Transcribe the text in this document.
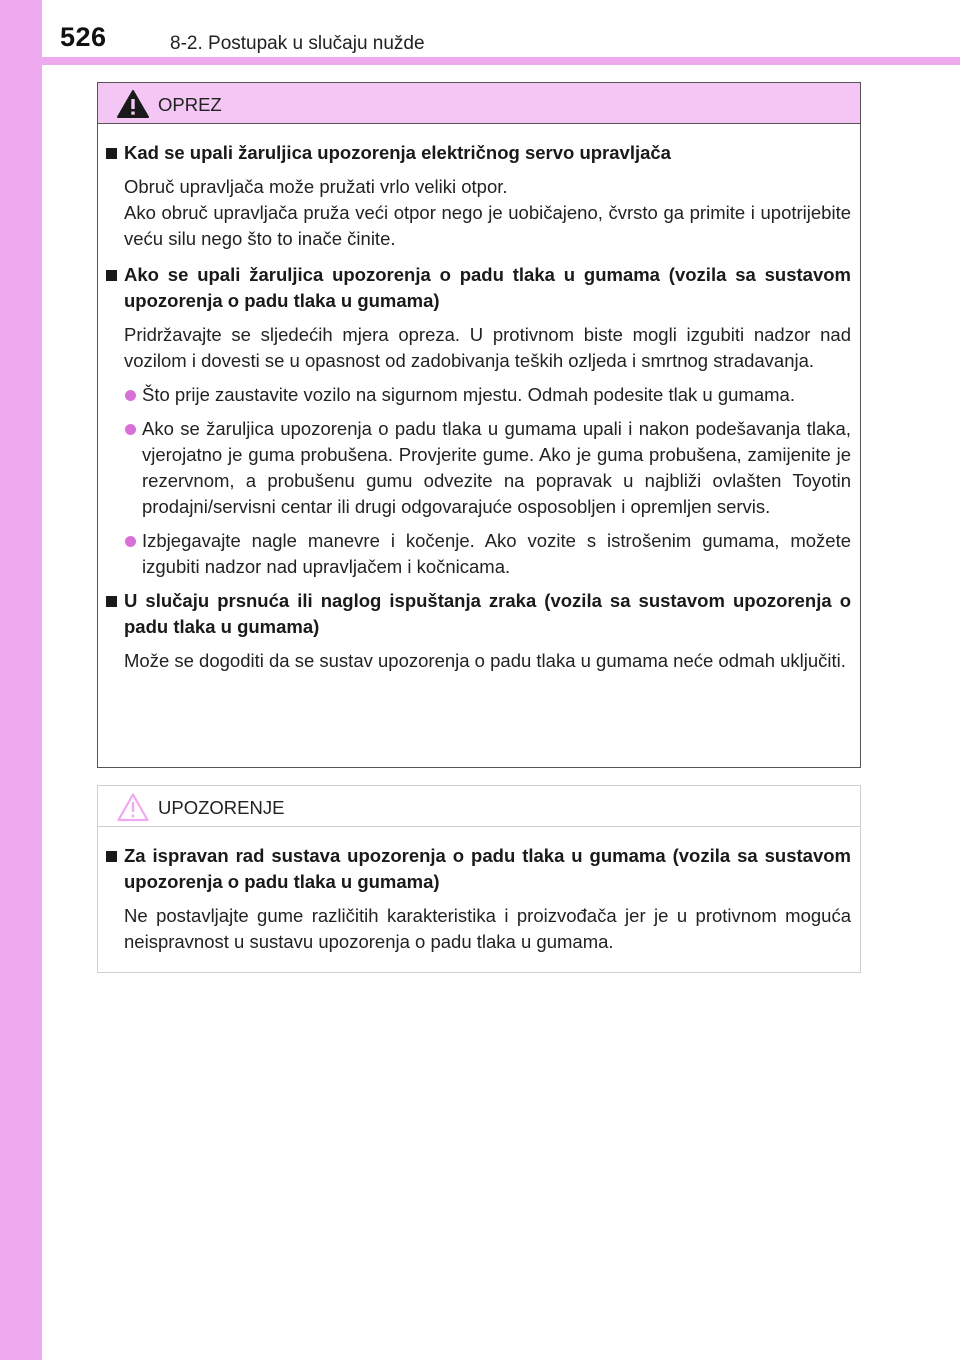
526	8-2. Postupak u slučaju nužde
OPREZ
Kad se upali žaruljica upozorenja električnog servo upravljača
Obruč upravljača može pružati vrlo veliki otpor.
Ako obruč upravljača pruža veći otpor nego je uobičajeno, čvrsto ga primite i upotrijebite veću silu nego što to inače činite.
Ako se upali žaruljica upozorenja o padu tlaka u gumama (vozila sa sustavom upozorenja o padu tlaka u gumama)
Pridržavajte se sljedećih mjera opreza. U protivnom biste mogli izgubiti nadzor nad vozilom i dovesti se u opasnost od zadobivanja teških ozljeda i smrtnog stradavanja.
Što prije zaustavite vozilo na sigurnom mjestu. Odmah podesite tlak u gumama.
Ako se žaruljica upozorenja o padu tlaka u gumama upali i nakon podešavanja tlaka, vjerojatno je guma probušena. Provjerite gume. Ako je guma probušena, zamijenite je rezervnom, a probušenu gumu odvezite na popravak u najbliži ovlašten Toyotin prodajni/servisni centar ili drugi odgovarajuće osposobljen i opremljen servis.
Izbjegavajte nagle manevre i kočenje. Ako vozite s istrošenim gumama, možete izgubiti nadzor nad upravljačem i kočnicama.
U slučaju prsnuća ili naglog ispuštanja zraka (vozila sa sustavom upozorenja o padu tlaka u gumama)
Može se dogoditi da se sustav upozorenja o padu tlaka u gumama neće odmah uključiti.
UPOZORENJE
Za ispravan rad sustava upozorenja o padu tlaka u gumama (vozila sa sustavom upozorenja o padu tlaka u gumama)
Ne postavljajte gume različitih karakteristika i proizvođača jer je u protivnom moguća neispravnost u sustavu upozorenja o padu tlaka u gumama.
